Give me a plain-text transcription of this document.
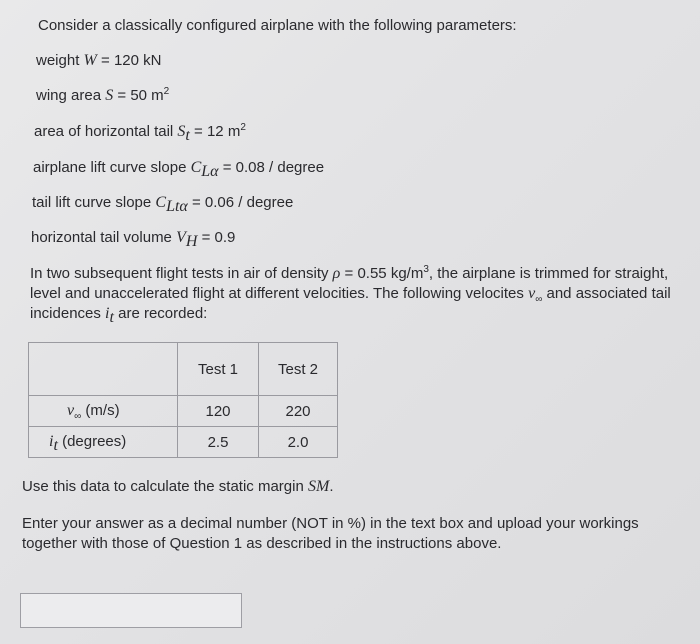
Consider a classically configured airplane with the following parameters:
weight W = 120 kN
wing area S = 50 $m^2$
area of horizontal tail $S_t = 12$ $m^2$
airplane lift curve slope $C_{L\alpha} = 0.08$ / degree
tail lift curve slope $C_{Lt\alpha} = 0.06$ / degree
horizontal tail volume $V_H = 0.9$
In two subsequent flight tests in air of density ρ = 0.55 $kg/m^3$, the airplane is trimmed for straight,
level and unaccelerated flight at different velocities. The following velocites $v_\infty$ and associated tail
incidences $i_t$ are recorded:
	Test 1	Test 2
$v_\infty$ (m/s)	120	220
$i_t$ (degrees)	2.5	2.0
Use this data to calculate the static margin SM.
Enter your answer as a decimal number (NOT in %) in the text box and upload your workings
together with those of Question 1 as described in the instructions above.
